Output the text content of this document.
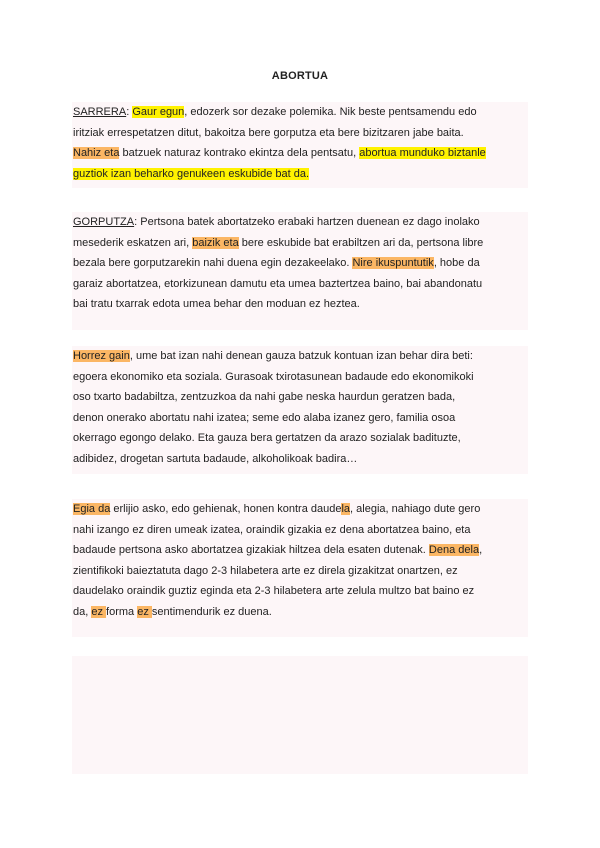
ABORTUA
SARRERA: Gaur egun, edozerk sor dezake polemika. Nik beste pentsamendu edo
iritziak errespetatzen ditut, bakoitza bere gorputza eta bere bizitzaren jabe baita.
Nahiz eta batzuek naturaz kontrako ekintza dela pentsatu, abortua munduko biztanle
guztiok izan beharko genukeen eskubide bat da.
GORPUTZA: Pertsona batek abortatzeko erabaki hartzen duenean ez dago inolako
mesederik eskatzen ari, baizik eta bere eskubide bat erabiltzen ari da, pertsona libre
bezala bere gorputzarekin nahi duena egin dezakeelako. Nire ikuspuntutik, hobe da
garaiz abortatzea, etorkizunean damutu eta umea baztertzea baino, bai abandonatu
bai tratu txarrak edota umea behar den moduan ez heztea.
Horrez gain, ume bat izan nahi denean gauza batzuk kontuan izan behar dira beti:
egoera ekonomiko eta soziala. Gurasoak txirotasunean badaude edo ekonomikoki
oso txarto badabiltza, zentzuzkoa da nahi gabe neska haurdun geratzen bada,
denon onerako abortatu nahi izatea; seme edo alaba izanez gero, familia osoa
okerrago egongo delako. Eta gauza bera gertatzen da arazo sozialak badituzte,
adibidez, drogetan sartuta badaude, alkoholikoak badira…
Egia da erlijio asko, edo gehienak, honen kontra daudela, alegia, nahiago dute gero
nahi izango ez diren umeak izatea, oraindik gizakia ez dena abortatzea baino, eta
badaude pertsona asko abortatzea gizakiak hiltzea dela esaten dutenak. Dena dela,
zientifikoki baieztatuta dago 2-3 hilabetera arte ez direla gizakitzat onartzen, ez
daudelako oraindik guztiz eginda eta 2-3 hilabetera arte zelula multzo bat baino ez
da, ez forma ez sentimendurik ez duena.
